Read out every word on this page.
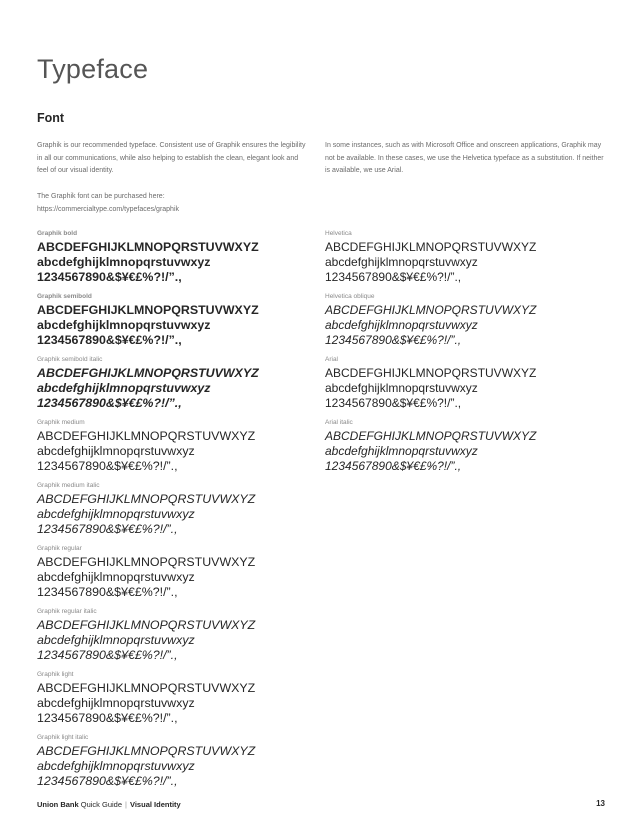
Typeface
Font

Graphik is our recommended typeface. Consistent use of Graphik ensures the legibility in all our communications, while also helping to establish the clean, elegant look and feel of our visual identity.

The Graphik font can be purchased here:

https://commercialtype.com/typefaces/graphik

In some instances, such as with Microsoft Office and onscreen applications, Graphik may not be available. In these cases, we use the Helvetica typeface as a substitution. If neither is available, we use Arial.

Graphik bold
ABCDEFGHIJKLMNOPQRSTUVWXYZ
abcdefghijklmnopqrstuvwxyz
1234567890&$¥€£%?!/”.,
Graphik semibold
ABCDEFGHIJKLMNOPQRSTUVWXYZ
abcdefghijklmnopqrstuvwxyz
1234567890&$¥€£%?!/”.,
Graphik semibold italic
ABCDEFGHIJKLMNOPQRSTUVWXYZ
abcdefghijklmnopqrstuvwxyz
1234567890&$¥€£%?!/”.,
Graphik medium
ABCDEFGHIJKLMNOPQRSTUVWXYZ
abcdefghijklmnopqrstuvwxyz
1234567890&$¥€£%?!/”.,
Graphik medium italic
ABCDEFGHIJKLMNOPQRSTUVWXYZ
abcdefghijklmnopqrstuvwxyz
1234567890&$¥€£%?!/”.,
Graphik regular
ABCDEFGHIJKLMNOPQRSTUVWXYZ
abcdefghijklmnopqrstuvwxyz
1234567890&$¥€£%?!/”.,
Graphik regular italic
ABCDEFGHIJKLMNOPQRSTUVWXYZ
abcdefghijklmnopqrstuvwxyz
1234567890&$¥€£%?!/”.,
Graphik light
ABCDEFGHIJKLMNOPQRSTUVWXYZ
abcdefghijklmnopqrstuvwxyz
1234567890&$¥€£%?!/”.,
Graphik light italic
ABCDEFGHIJKLMNOPQRSTUVWXYZ
abcdefghijklmnopqrstuvwxyz
1234567890&$¥€£%?!/”.,
Helvetica
ABCDEFGHIJKLMNOPQRSTUVWXYZ
abcdefghijklmnopqrstuvwxyz
1234567890&$¥€£%?!/”.,
Helvetica oblique
ABCDEFGHIJKLMNOPQRSTUVWXYZ
abcdefghijklmnopqrstuvwxyz
1234567890&$¥€£%?!/”.,
Arial
ABCDEFGHIJKLMNOPQRSTUVWXYZ
abcdefghijklmnopqrstuvwxyz
1234567890&$¥€£%?!/”.,
Arial italic
ABCDEFGHIJKLMNOPQRSTUVWXYZ
abcdefghijklmnopqrstuvwxyz
1234567890&$¥€£%?!/”.,
Union Bank Quick Guide | Visual Identity	13
